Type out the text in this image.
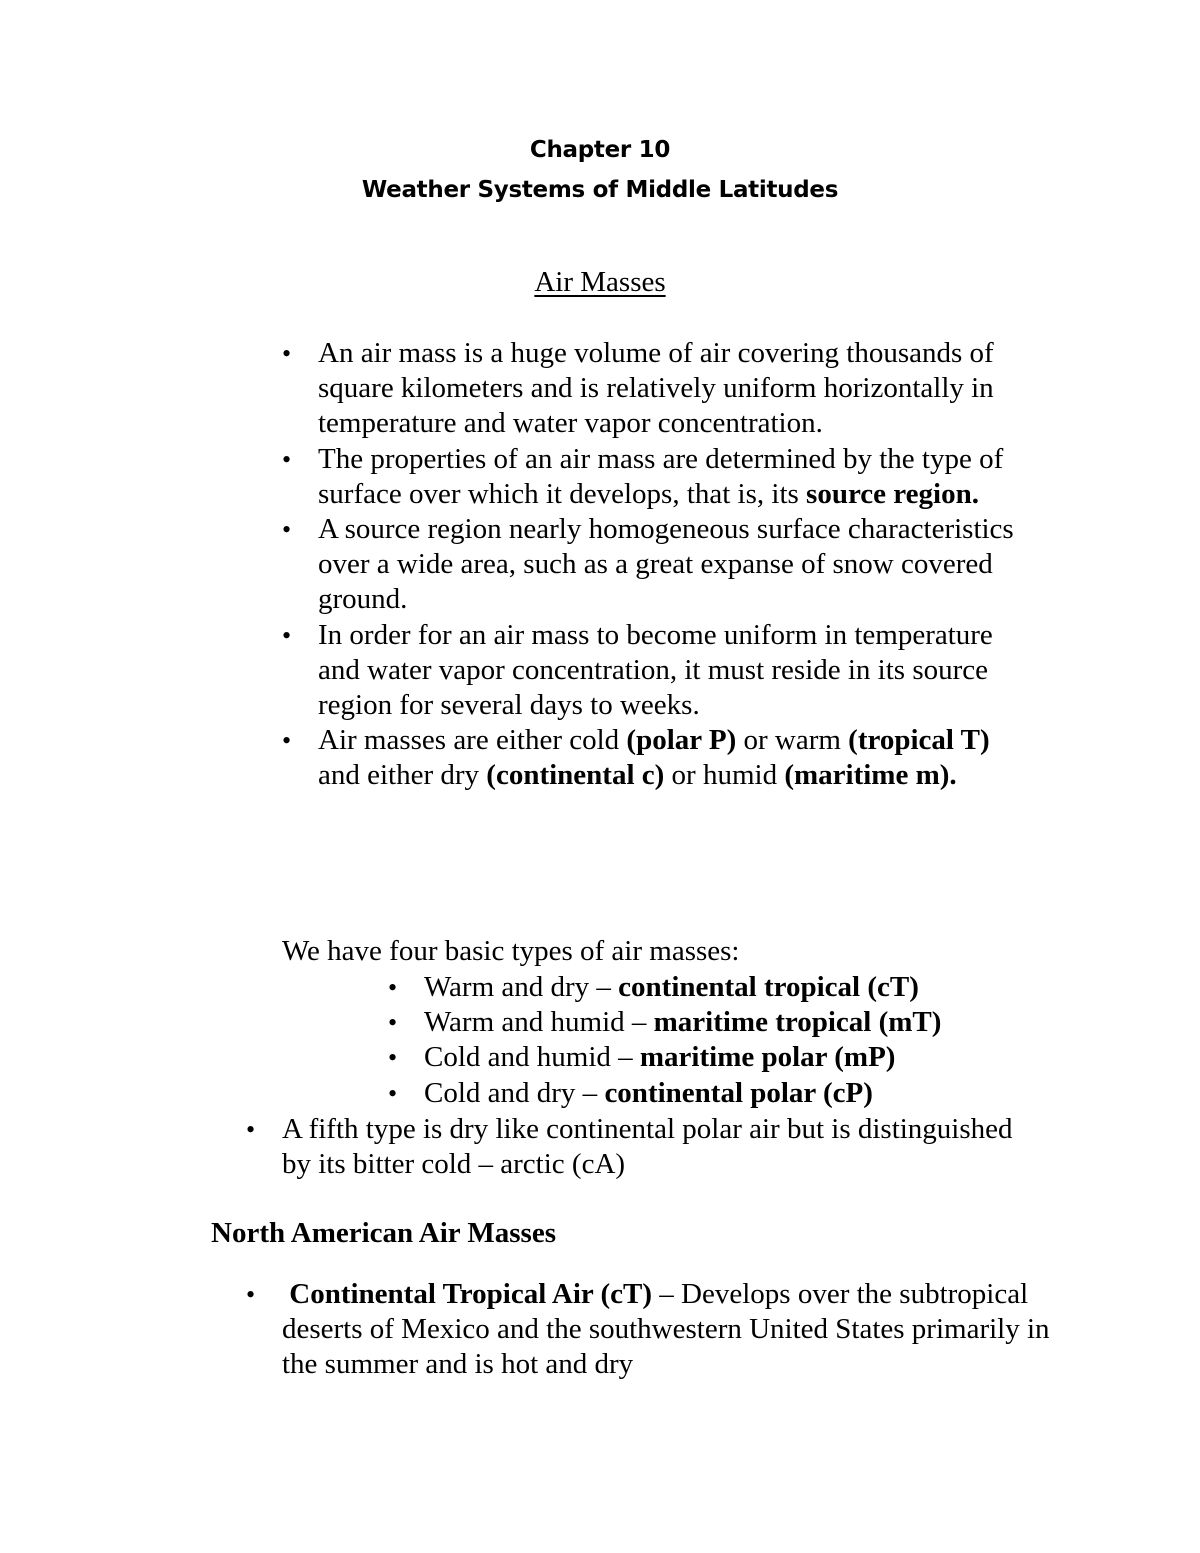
Chapter 10
Weather Systems of Middle Latitudes
Air Masses
• An air mass is a huge volume of air covering thousands of square kilometers and is relatively uniform horizontally in temperature and water vapor concentration.
• The properties of an air mass are determined by the type of surface over which it develops, that is, its source region.
• A source region nearly homogeneous surface characteristics over a wide area, such as a great expanse of snow covered ground.
• In order for an air mass to become uniform in temperature and water vapor concentration, it must reside in its source region for several days to weeks.
• Air masses are either cold (polar P) or warm (tropical T) and either dry (continental c) or humid (maritime m).
We have four basic types of air masses:
• Warm and dry – continental tropical (cT)
• Warm and humid – maritime tropical (mT)
• Cold and humid – maritime polar (mP)
• Cold and dry – continental polar (cP)
• A fifth type is dry like continental polar air but is distinguished by its bitter cold – arctic (cA)
North American Air Masses
• Continental Tropical Air (cT) – Develops over the subtropical deserts of Mexico and the southwestern United States primarily in the summer and is hot and dry
